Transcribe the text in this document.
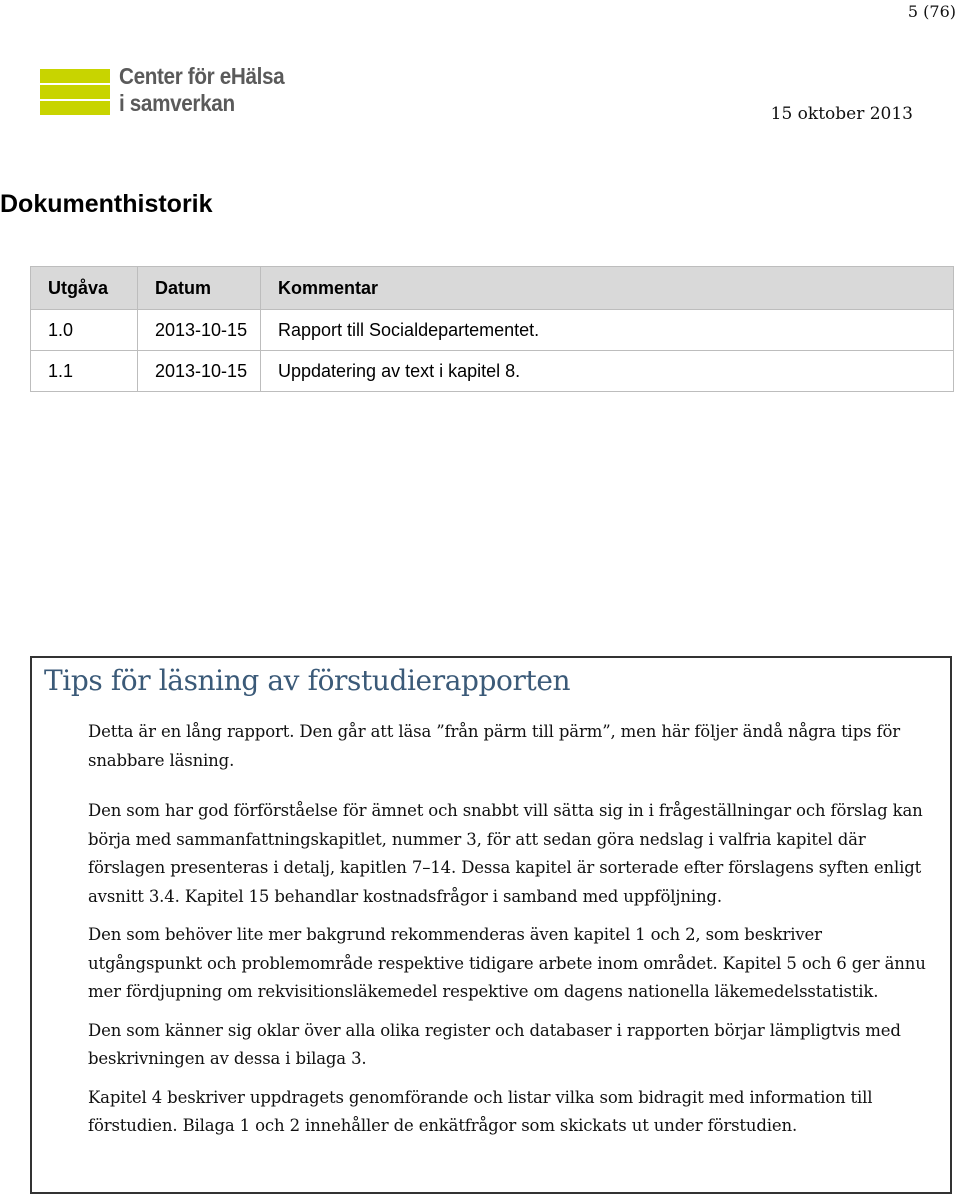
5 (76)
Center för eHälsa
i samverkan	15 oktober 2013
Dokumenthistorik
Utgåva	Datum	Kommentar
1.0	2013-10-15	Rapport till Socialdepartementet.
1.1	2013-10-15	Uppdatering av text i kapitel 8.
Tips för läsning av förstudierapporten

Detta är en lång rapport. Den går att läsa ”från pärm till pärm”, men här följer ändå några tips för snabbare läsning.

Den som har god förförståelse för ämnet och snabbt vill sätta sig in i frågeställningar och förslag kan börja med sammanfattningskapitlet, nummer 3, för att sedan göra nedslag i valfria kapitel där förslagen presenteras i detalj, kapitlen 7–14. Dessa kapitel är sorterade efter förslagens syften enligt avsnitt 3.4. Kapitel 15 behandlar kostnadsfrågor i samband med uppföljning.

Den som behöver lite mer bakgrund rekommenderas även kapitel 1 och 2, som beskriver utgångspunkt och problemområde respektive tidigare arbete inom området. Kapitel 5 och 6 ger ännu mer fördjupning om rekvisitionsläkemedel respektive om dagens nationella läkemedelsstatistik.

Den som känner sig oklar över alla olika register och databaser i rapporten börjar lämpligtvis med beskrivningen av dessa i bilaga 3.

Kapitel 4 beskriver uppdragets genomförande och listar vilka som bidragit med information till förstudien. Bilaga 1 och 2 innehåller de enkätfrågor som skickats ut under förstudien.
